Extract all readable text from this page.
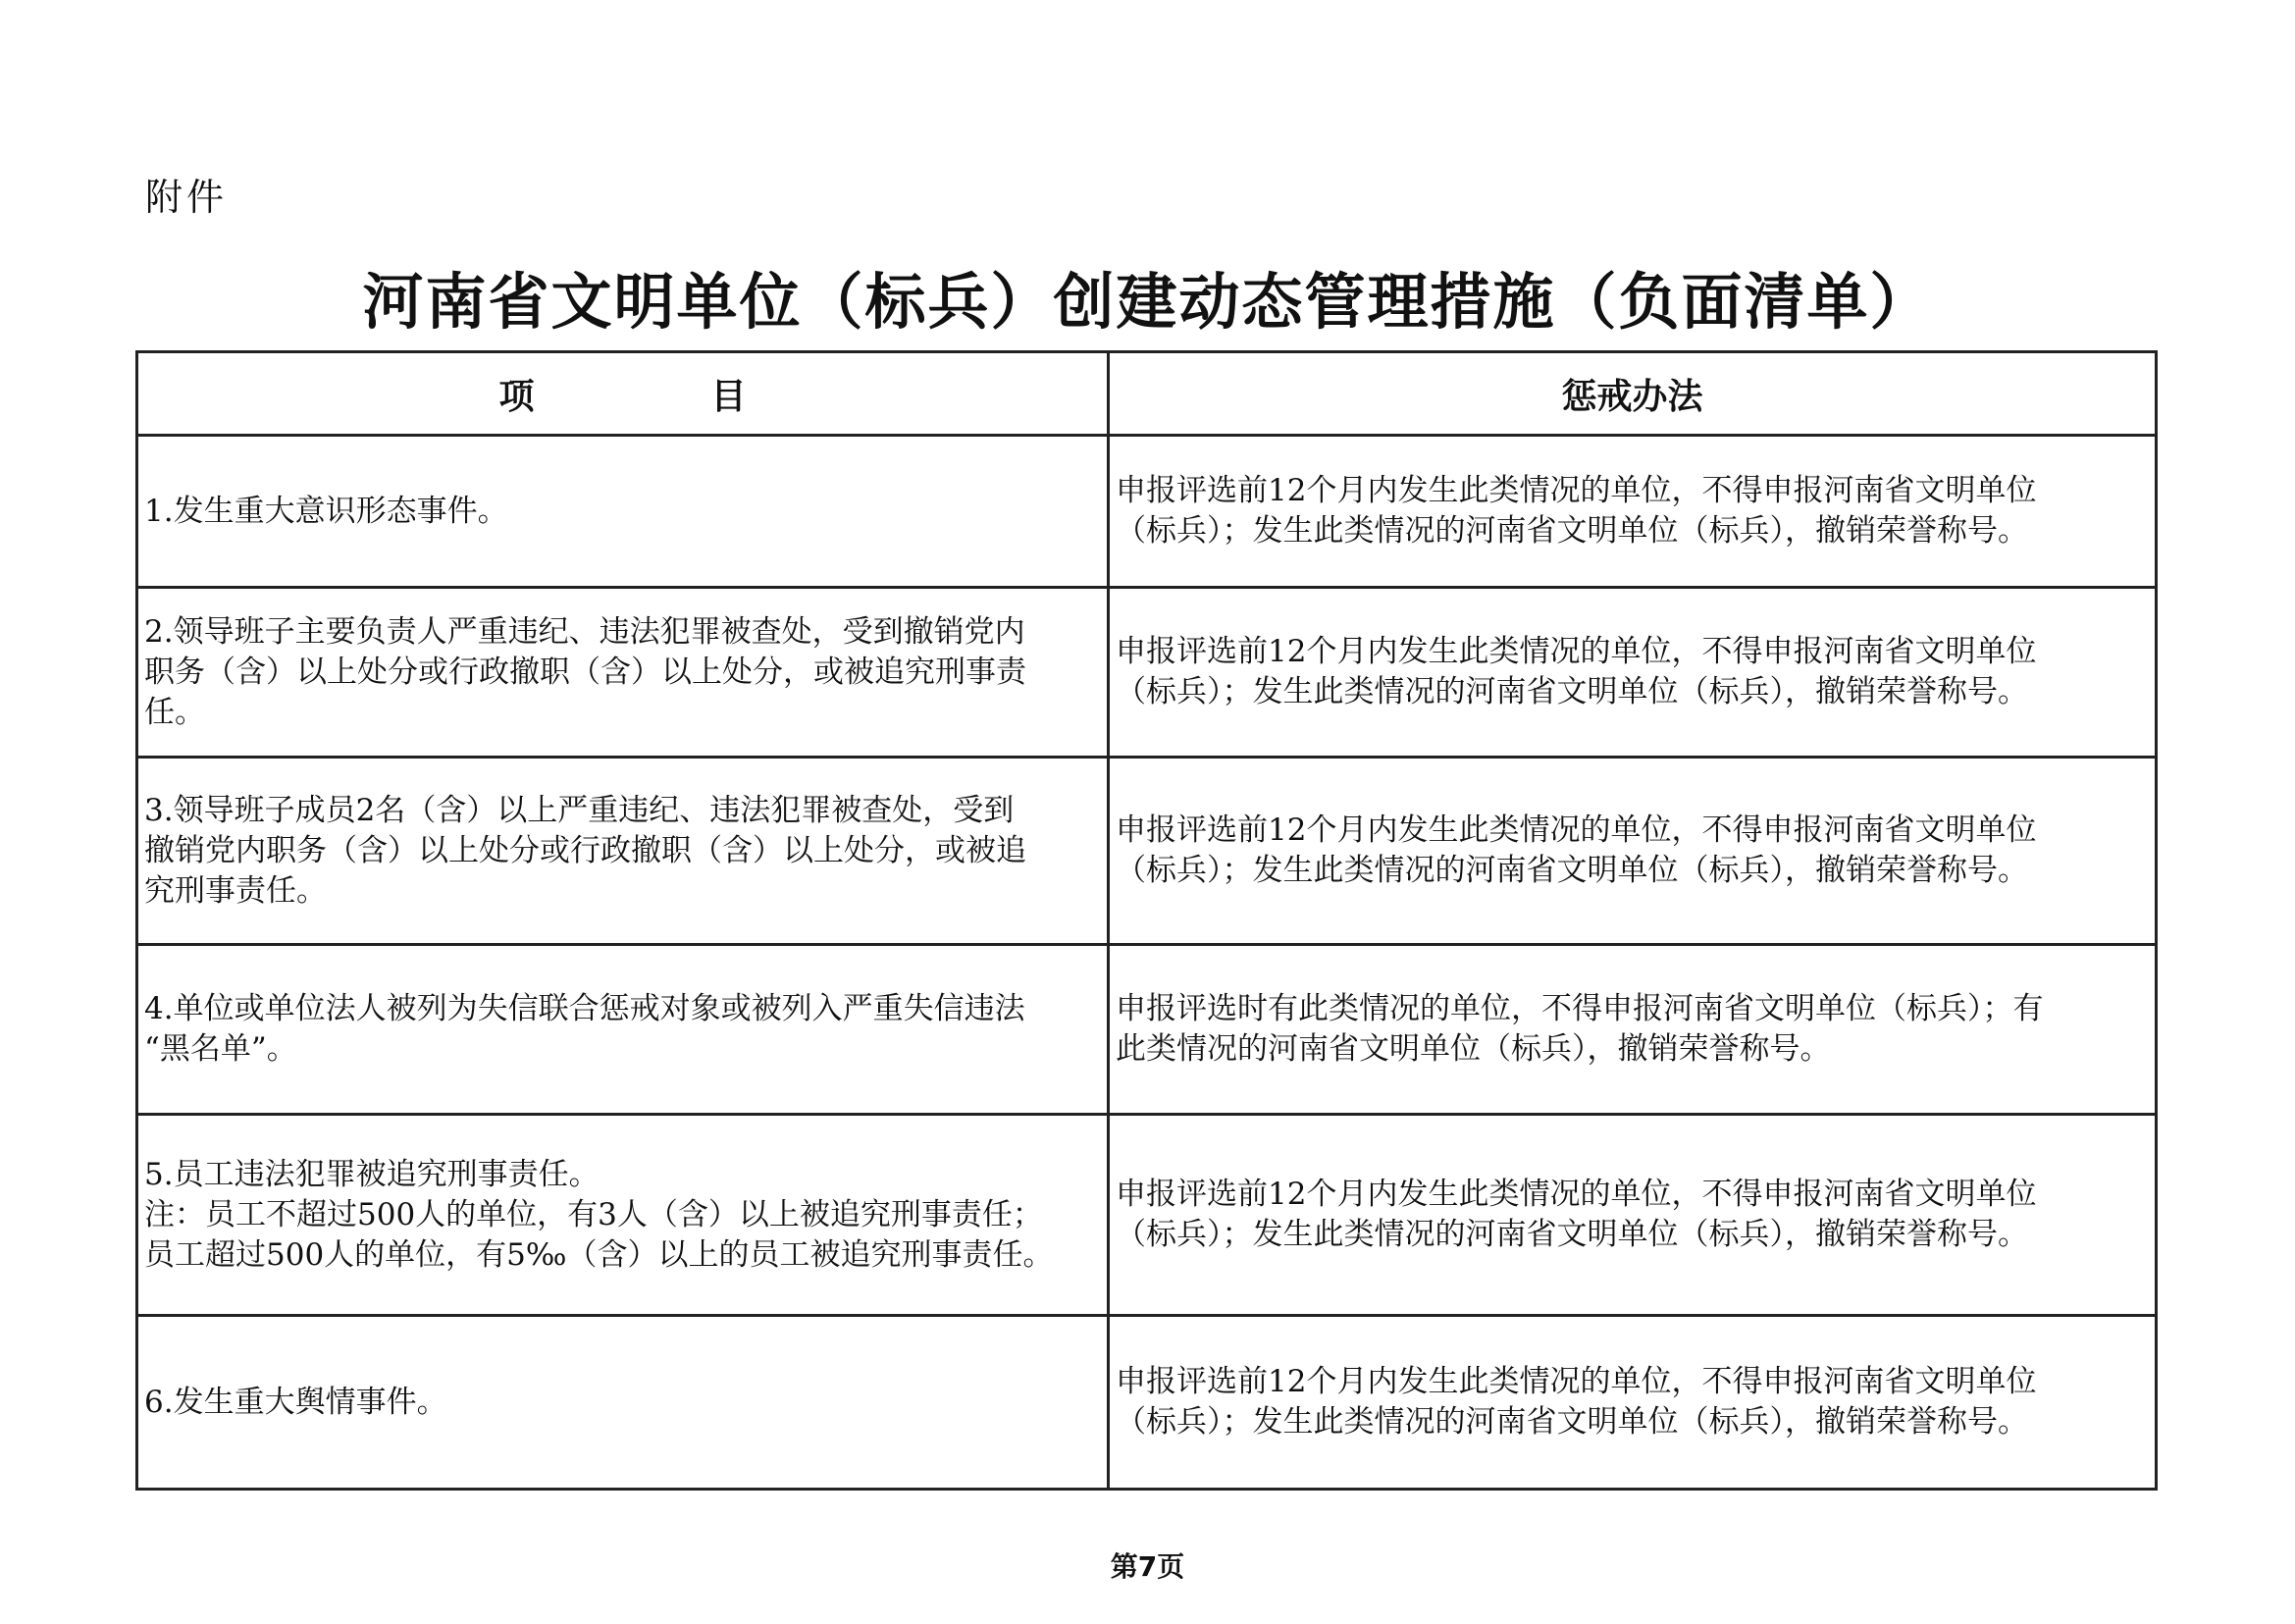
附件
河南省文明单位（标兵）创建动态管理措施（负面清单）
项 目	惩戒办法

1.发生重大意识形态事件。	申报评选前12个月内发生此类情况的单位，不得申报河南省文明单位
（标兵）；发生此类情况的河南省文明单位（标兵），撤销荣誉称号。

2.领导班子主要负责人严重违纪、违法犯罪被查处，受到撤销党内
职务（含）以上处分或行政撤职（含）以上处分，或被追究刑事责
任。	申报评选前12个月内发生此类情况的单位，不得申报河南省文明单位
（标兵）；发生此类情况的河南省文明单位（标兵），撤销荣誉称号。

3.领导班子成员2名（含）以上严重违纪、违法犯罪被查处，受到
撤销党内职务（含）以上处分或行政撤职（含）以上处分，或被追
究刑事责任。	申报评选前12个月内发生此类情况的单位，不得申报河南省文明单位
（标兵）；发生此类情况的河南省文明单位（标兵），撤销荣誉称号。

4.单位或单位法人被列为失信联合惩戒对象或被列入严重失信违法
“黑名单”。	申报评选时有此类情况的单位，不得申报河南省文明单位（标兵）；有
此类情况的河南省文明单位（标兵），撤销荣誉称号。

5.员工违法犯罪被追究刑事责任。
注：员工不超过500人的单位，有3人（含）以上被追究刑事责任；
员工超过500人的单位，有5‰（含）以上的员工被追究刑事责任。	申报评选前12个月内发生此类情况的单位，不得申报河南省文明单位
（标兵）；发生此类情况的河南省文明单位（标兵），撤销荣誉称号。

6.发生重大舆情事件。	申报评选前12个月内发生此类情况的单位，不得申报河南省文明单位
（标兵）；发生此类情况的河南省文明单位（标兵），撤销荣誉称号。
第7页
